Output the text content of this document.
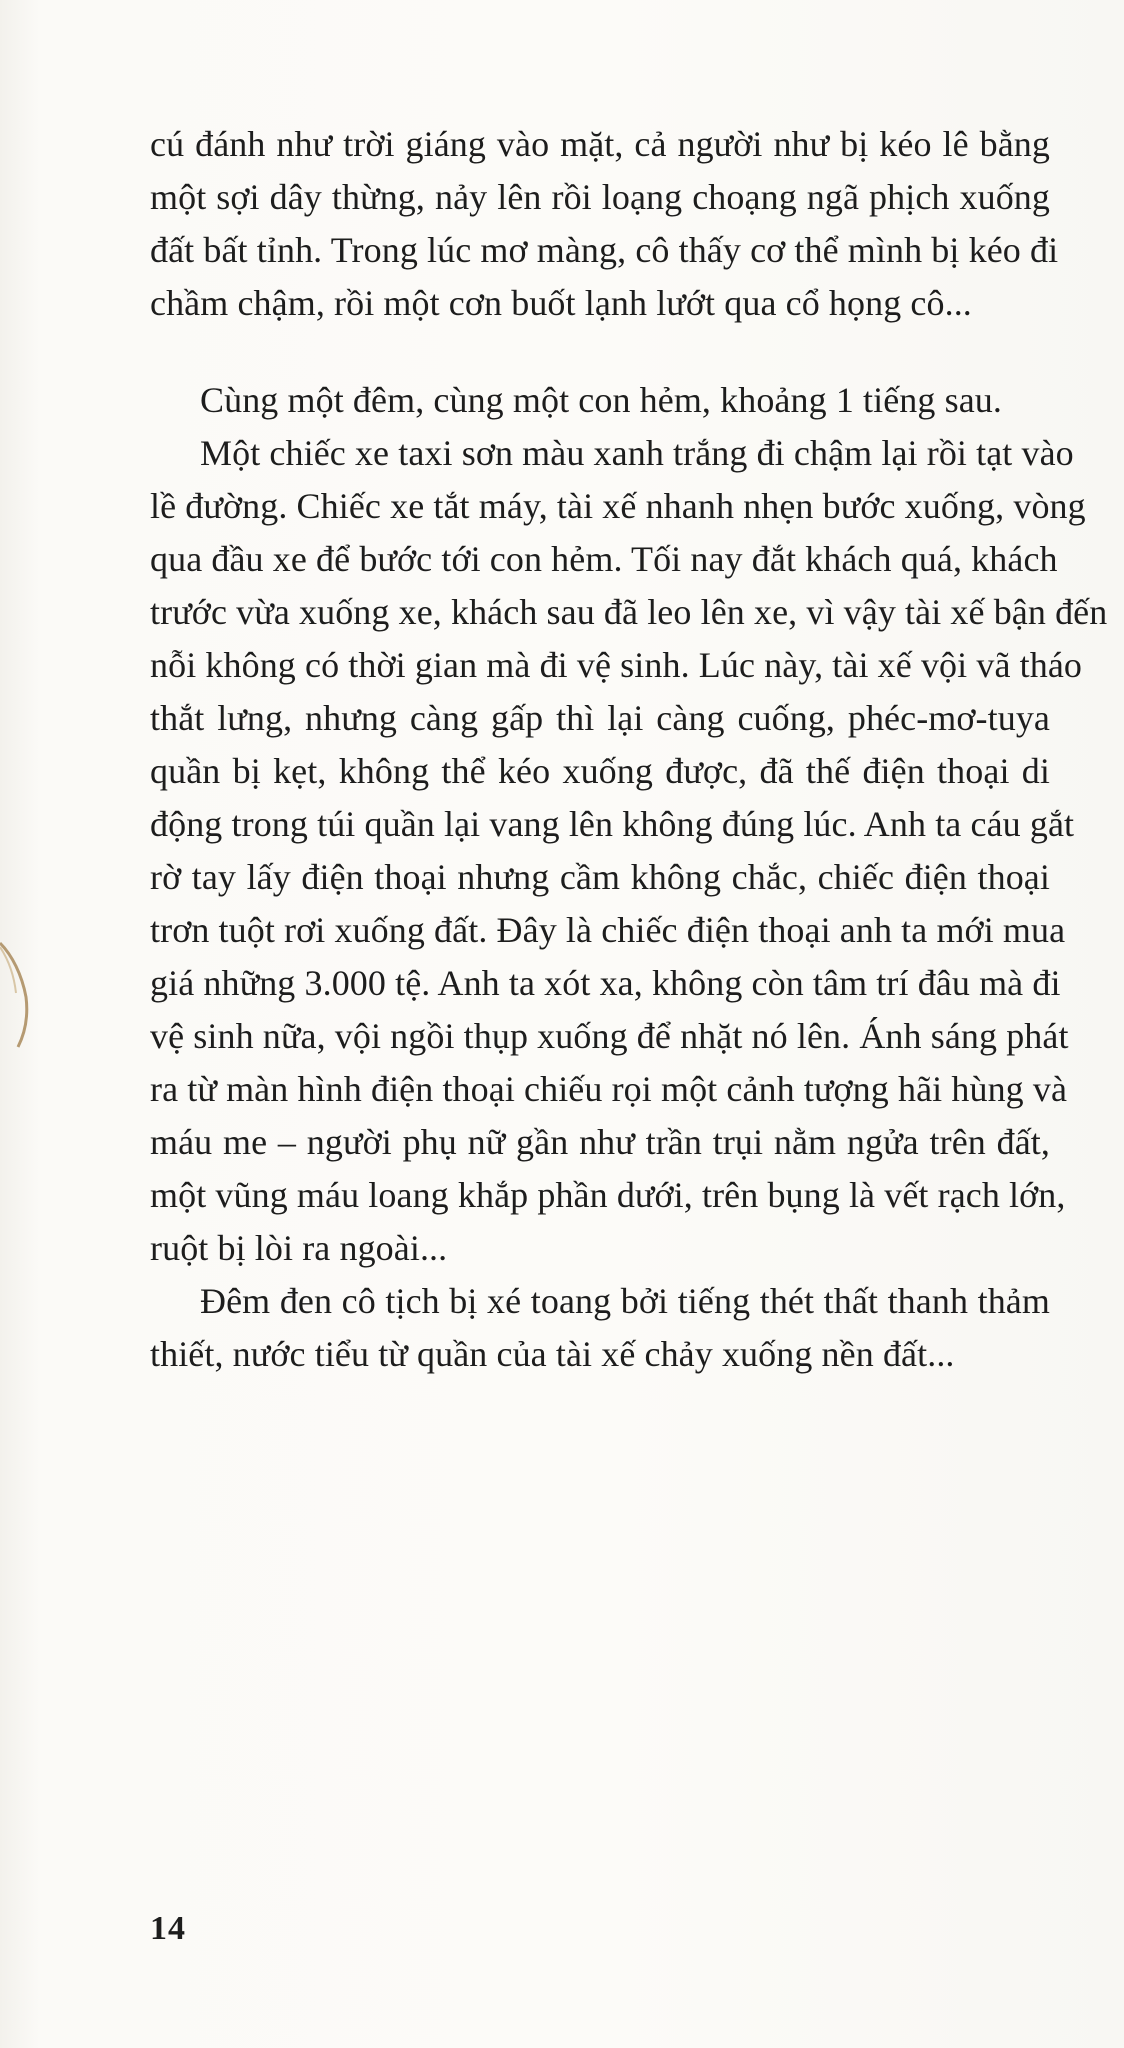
cú đánh như trời giáng vào mặt, cả người như bị kéo lê bằng
một sợi dây thừng, nảy lên rồi loạng choạng ngã phịch xuống
đất bất tỉnh. Trong lúc mơ màng, cô thấy cơ thể mình bị kéo đi
chầm chậm, rồi một cơn buốt lạnh lướt qua cổ họng cô...

Cùng một đêm, cùng một con hẻm, khoảng 1 tiếng sau.

Một chiếc xe taxi sơn màu xanh trắng đi chậm lại rồi tạt vào
lề đường. Chiếc xe tắt máy, tài xế nhanh nhẹn bước xuống, vòng
qua đầu xe để bước tới con hẻm. Tối nay đắt khách quá, khách
trước vừa xuống xe, khách sau đã leo lên xe, vì vậy tài xế bận đến
nỗi không có thời gian mà đi vệ sinh. Lúc này, tài xế vội vã tháo
thắt lưng, nhưng càng gấp thì lại càng cuống, phéc-mơ-tuya
quần bị kẹt, không thể kéo xuống được, đã thế điện thoại di
động trong túi quần lại vang lên không đúng lúc. Anh ta cáu gắt
rờ tay lấy điện thoại nhưng cầm không chắc, chiếc điện thoại
trơn tuột rơi xuống đất. Đây là chiếc điện thoại anh ta mới mua
giá những 3.000 tệ. Anh ta xót xa, không còn tâm trí đâu mà đi
vệ sinh nữa, vội ngồi thụp xuống để nhặt nó lên. Ánh sáng phát
ra từ màn hình điện thoại chiếu rọi một cảnh tượng hãi hùng và
máu me – người phụ nữ gần như trần trụi nằm ngửa trên đất,
một vũng máu loang khắp phần dưới, trên bụng là vết rạch lớn,
ruột bị lòi ra ngoài...

Đêm đen cô tịch bị xé toang bởi tiếng thét thất thanh thảm
thiết, nước tiểu từ quần của tài xế chảy xuống nền đất...

14
